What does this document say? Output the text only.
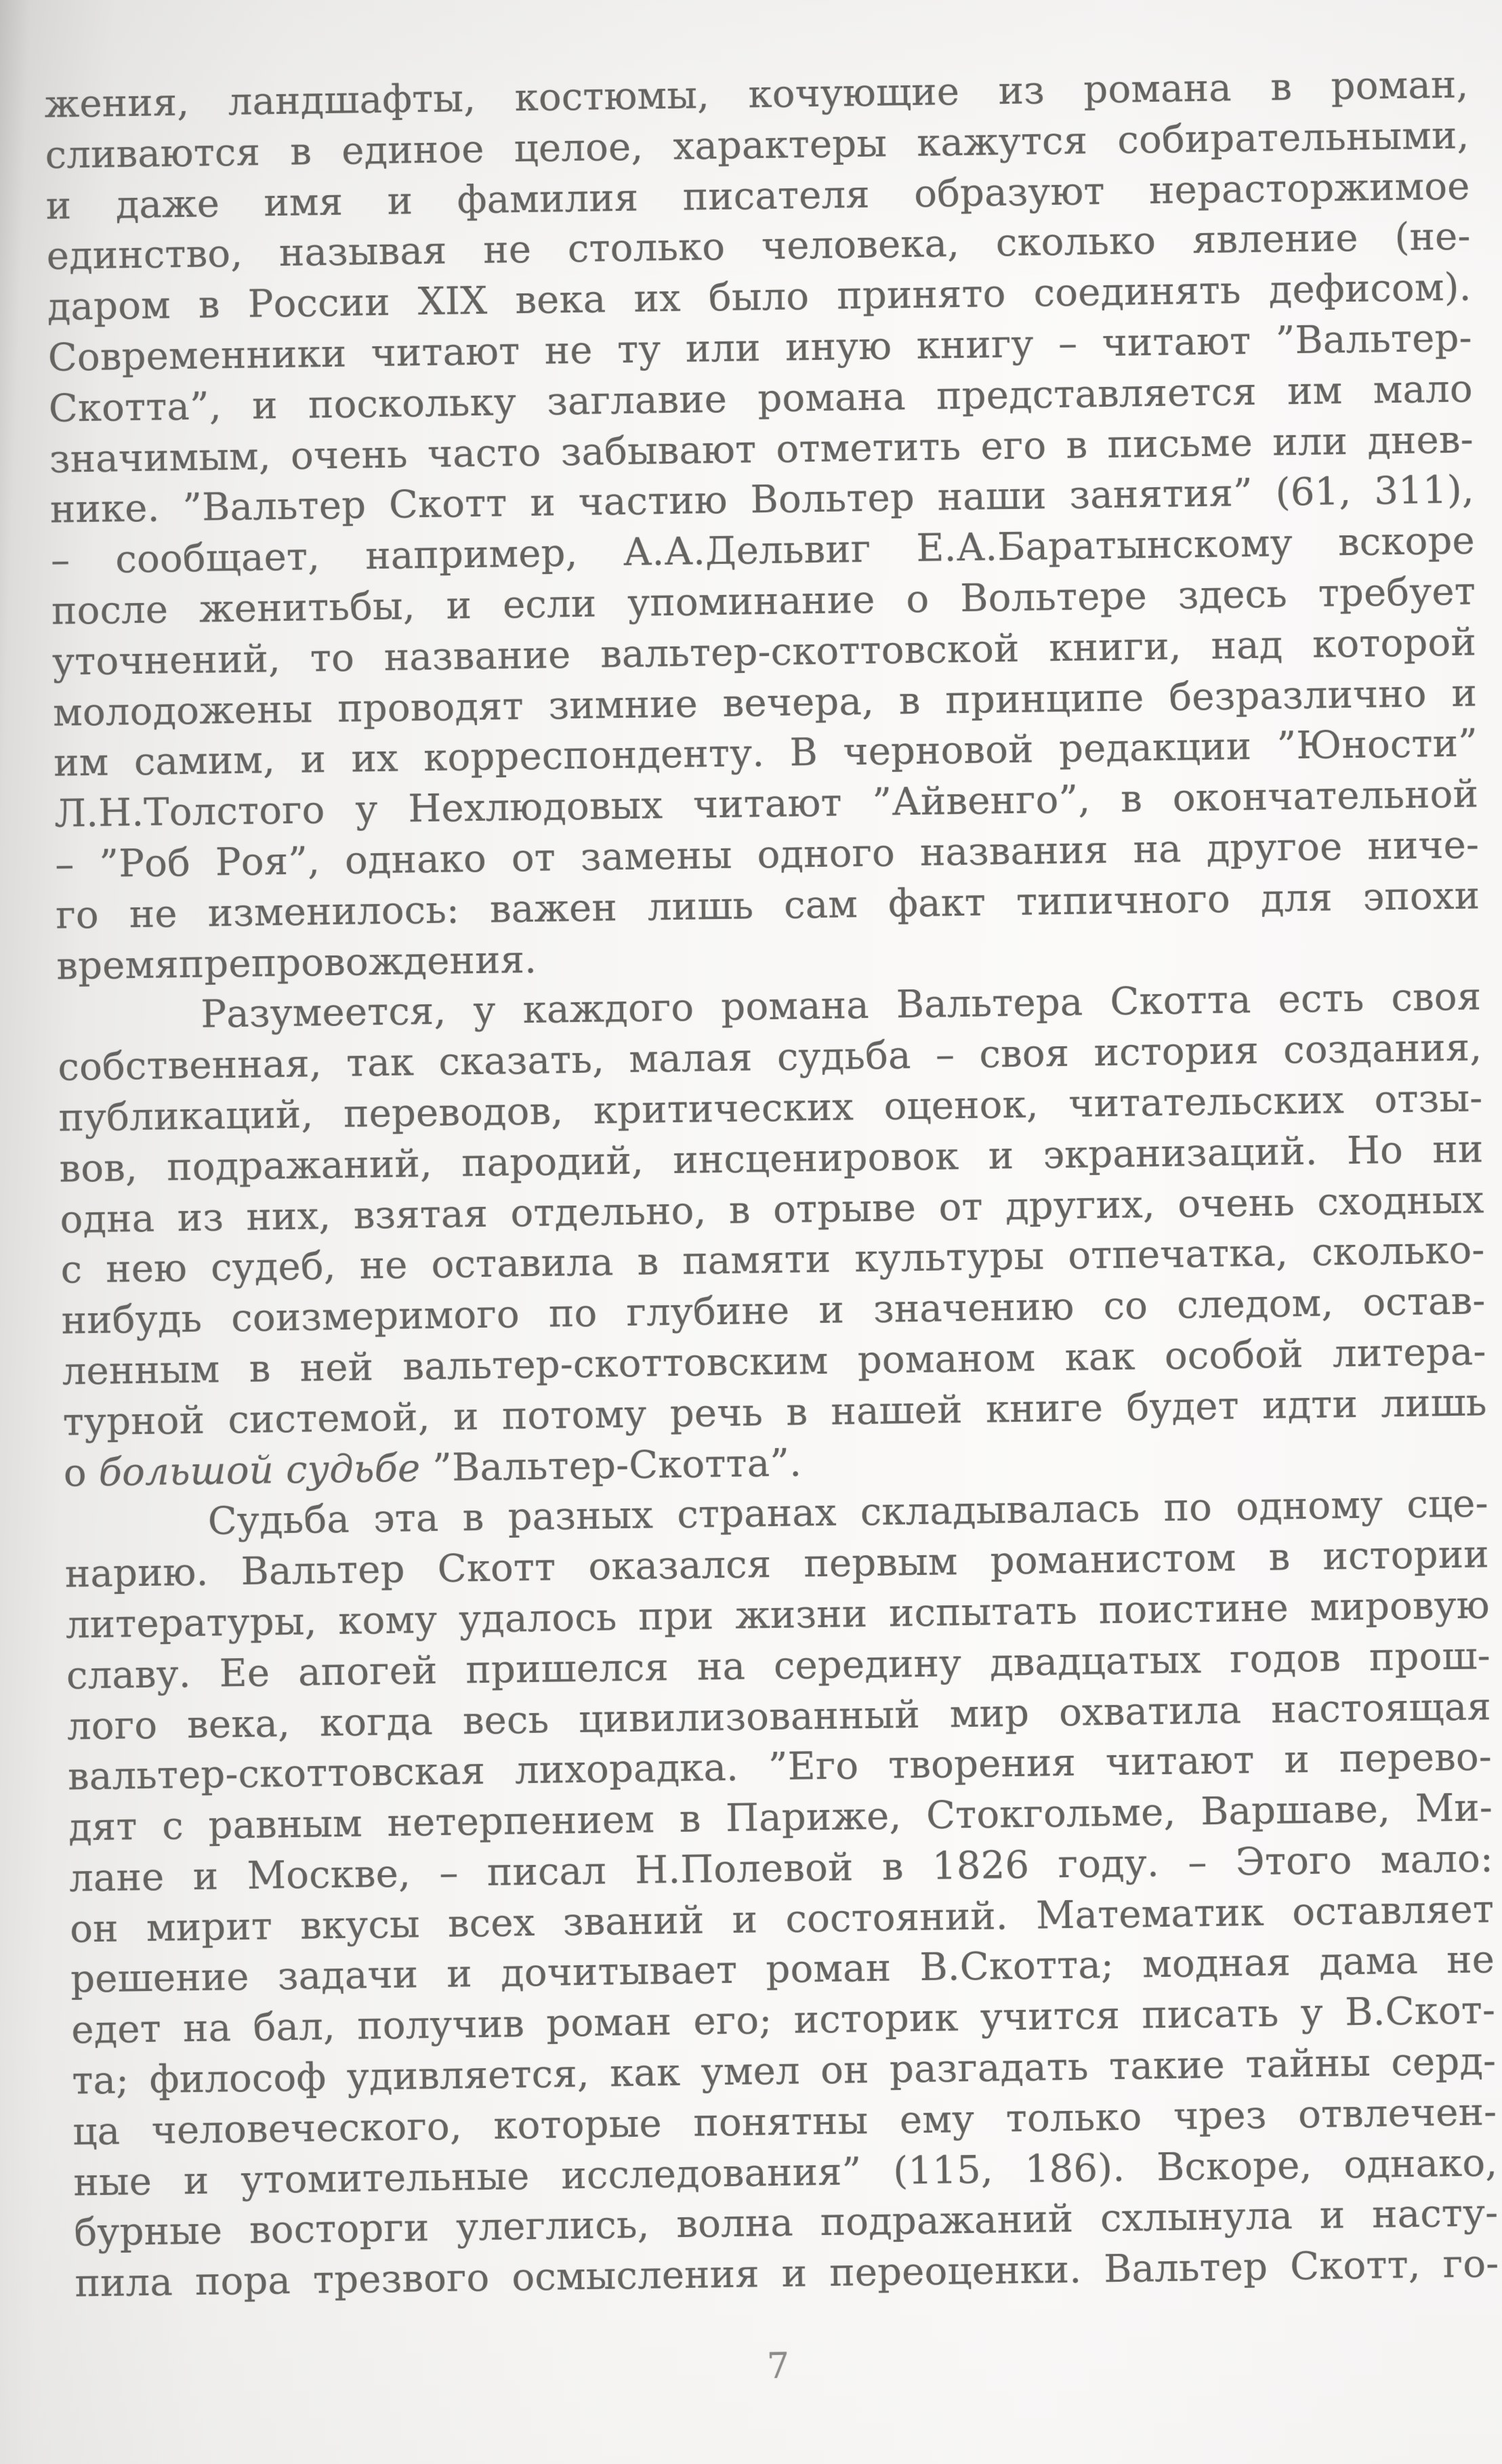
жения, ландшафты, костюмы, кочующие из романа в роман,
сливаются в единое целое, характеры кажутся собирательными,
и даже имя и фамилия писателя образуют нерасторжимое
единство, называя не столько человека, сколько явление (не-
даром в России XIX века их было принято соединять дефисом).
Современники читают не ту или иную книгу – читают ”Вальтер-
Скотта”, и поскольку заглавие романа представляется им мало
значимым, очень часто забывают отметить его в письме или днев-
нике. ”Вальтер Скотт и частию Вольтер наши занятия” (61, 311),
– сообщает, например, А.А.Дельвиг Е.А.Баратынскому вскоре
после женитьбы, и если упоминание о Вольтере здесь требует
уточнений, то название вальтер-скоттовской книги, над которой
молодожены проводят зимние вечера, в принципе безразлично и
им самим, и их корреспонденту. В черновой редакции ”Юности”
Л.Н.Толстого у Нехлюдовых читают ”Айвенго”, в окончательной
– ”Роб Роя”, однако от замены одного названия на другое ниче-
го не изменилось: важен лишь сам факт типичного для эпохи
времяпрепровождения.
Разумеется, у каждого романа Вальтера Скотта есть своя
собственная, так сказать, малая судьба – своя история создания,
публикаций, переводов, критических оценок, читательских отзы-
вов, подражаний, пародий, инсценировок и экранизаций. Но ни
одна из них, взятая отдельно, в отрыве от других, очень сходных
с нею судеб, не оставила в памяти культуры отпечатка, сколько-
нибудь соизмеримого по глубине и значению со следом, остав-
ленным в ней вальтер-скоттовским романом как особой литера-
турной системой, и потому речь в нашей книге будет идти лишь
о большой судьбе ”Вальтер-Скотта”.
Судьба эта в разных странах складывалась по одному сце-
нарию. Вальтер Скотт оказался первым романистом в истории
литературы, кому удалось при жизни испытать поистине мировую
славу. Ее апогей пришелся на середину двадцатых годов прош-
лого века, когда весь цивилизованный мир охватила настоящая
вальтер-скоттовская лихорадка. ”Его творения читают и перево-
дят с равным нетерпением в Париже, Стокгольме, Варшаве, Ми-
лане и Москве, – писал Н.Полевой в 1826 году. – Этого мало:
он мирит вкусы всех званий и состояний. Математик оставляет
решение задачи и дочитывает роман В.Скотта; модная дама не
едет на бал, получив роман его; историк учится писать у В.Скот-
та; философ удивляется, как умел он разгадать такие тайны серд-
ца человеческого, которые понятны ему только чрез отвлечен-
ные и утомительные исследования” (115, 186). Вскоре, однако,
бурные восторги улеглись, волна подражаний схлынула и насту-
пила пора трезвого осмысления и переоценки. Вальтер Скотт, го-
7
